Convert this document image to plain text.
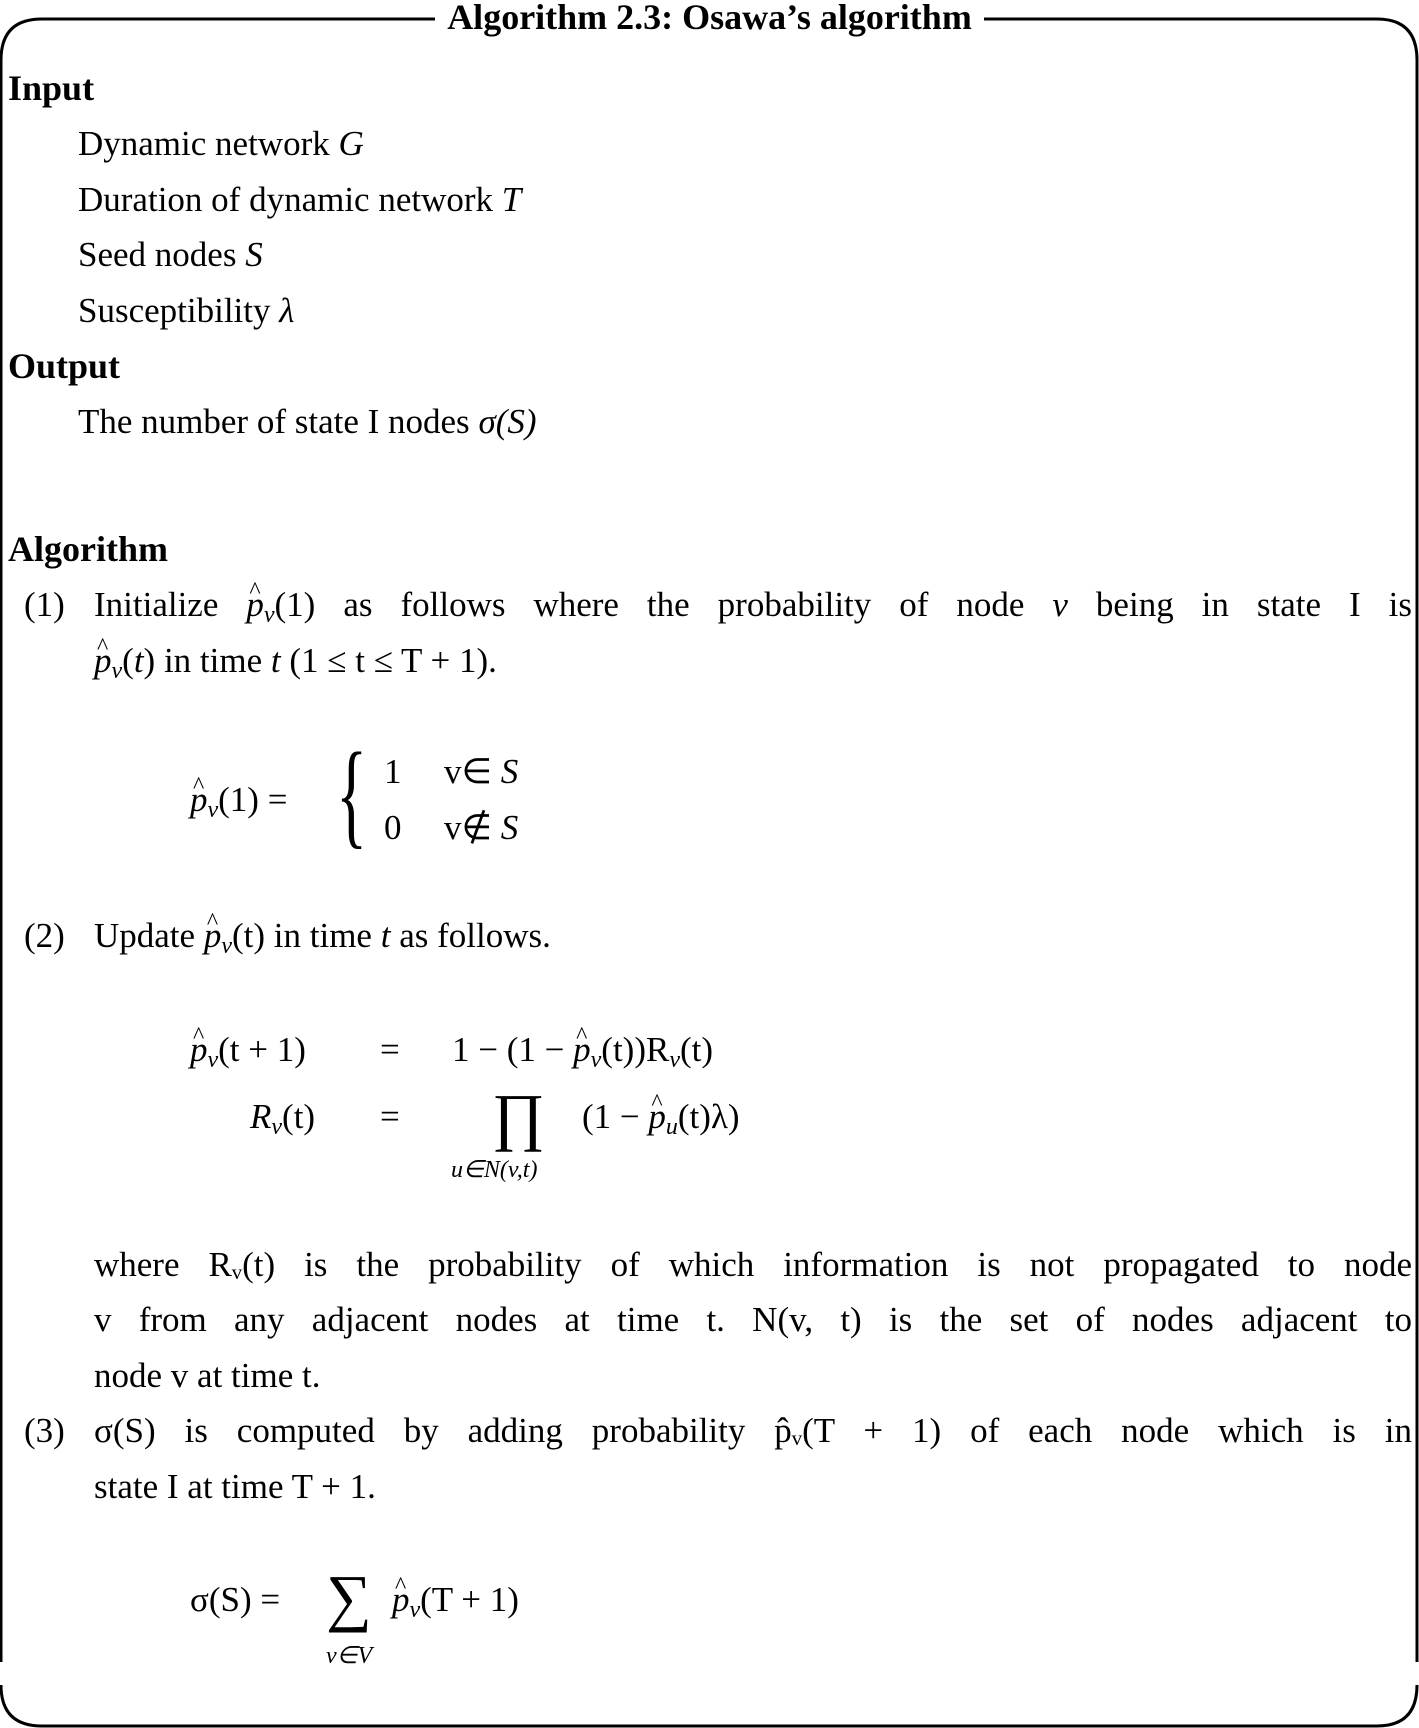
Algorithm 2.3: Osawa’s algorithm
Input
Dynamic network G
Duration of dynamic network T
Seed nodes S
Susceptibility λ
Output
The number of state I nodes σ(S)
Algorithm
(1) Initialize ^ $p_v(1)$ as follows where the probability of node v being in state I is
^ $p_v(t)$ in time t (1 ≤ t ≤ T + 1).
^ $p_v(1)$ = { 1 v∈ S
0 v∉ S
(2) Update ^ $p_v(t)$ in time t as follows.
^ $p_v(t + 1) = 1 - (1$ − ^ $p_v(t))R_v(t)$
$R_v(t)$ = ∏
u∈N(v,t)
(1 − ^ $p_u(t)\lambda$)
where Rᵥ(t) is the probability of which information is not propagated to node
v from any adjacent nodes at time t. N(v, t) is the set of nodes adjacent to
node v at time t.
(3) σ(S) is computed by adding probability p̂ᵥ(T + 1) of each node which is in
state I at time T + 1.
σ(S) = ∑
v∈V
^ $p_v(T + 1)$
